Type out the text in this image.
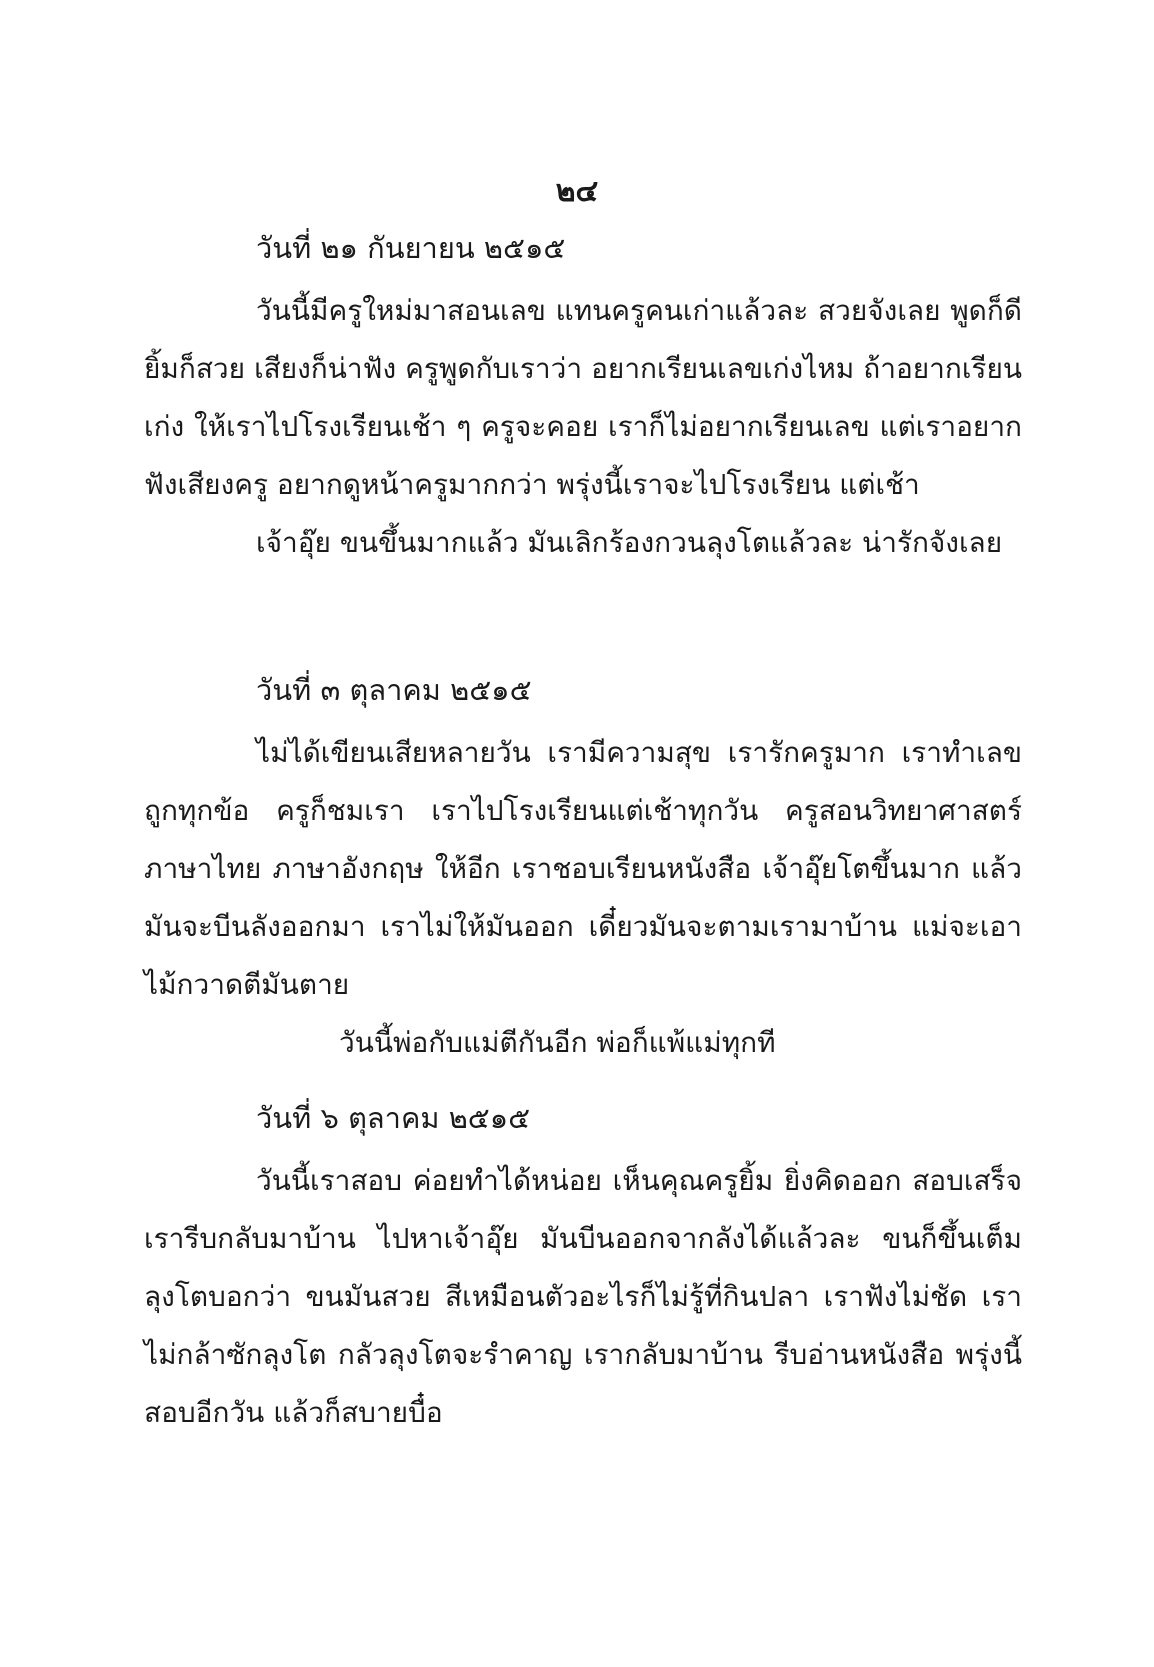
๒๔
วันที่ ๒๑ กันยายน ๒๕๑๕

วันนี้มีครูใหม่มาสอนเลข แทนครูคนเก่าแล้วละ สวยจังเลย พูดก็ดี ยิ้มก็สวย เสียงก็น่าฟัง ครูพูดกับเราว่า อยากเรียนเลขเก่งไหม ถ้าอยากเรียนเก่ง ให้เราไปโรงเรียนเช้า ๆ ครูจะคอย เราก็ไม่อยากเรียนเลข แต่เราอยากฟังเสียงครู อยากดูหน้าครูมากกว่า พรุ่งนี้เราจะไปโรงเรียน แต่เช้า

เจ้าอุ๊ย ขนขึ้นมากแล้ว มันเลิกร้องกวนลุงโตแล้วละ น่ารักจังเลย

วันที่ ๓ ตุลาคม ๒๕๑๕

ไม่ได้เขียนเสียหลายวัน เรามีความสุข เรารักครูมาก เราทำเลข ถูกทุกข้อ ครูก็ชมเรา เราไปโรงเรียนแต่เช้าทุกวัน ครูสอนวิทยาศาสตร์ ภาษาไทย ภาษาอังกฤษ ให้อีก เราชอบเรียนหนังสือ เจ้าอุ๊ยโตขึ้นมาก แล้ว มันจะบีนลังออกมา เราไม่ให้มันออก เดี๋ยวมันจะตามเรามาบ้าน แม่จะเอาไม้กวาดตีมันตาย

วันนี้พ่อกับแม่ตีกันอีก พ่อก็แพ้แม่ทุกที

วันที่ ๖ ตุลาคม ๒๕๑๕

วันนี้เราสอบ ค่อยทำได้หน่อย เห็นคุณครูยิ้ม ยิ่งคิดออก สอบเสร็จเรารีบกลับมาบ้าน ไปหาเจ้าอุ๊ย มันบีนออกจากลังได้แล้วละ ขนก็ขึ้นเต็ม ลุงโตบอกว่า ขนมันสวย สีเหมือนตัวอะไรก็ไม่รู้ที่กินปลา เราฟังไม่ชัด เราไม่กล้าซักลุงโต กลัวลุงโตจะรำคาญ เรากลับมาบ้าน รีบอ่านหนังสือ พรุ่งนี้สอบอีกวัน แล้วก็สบายบื๋อ
